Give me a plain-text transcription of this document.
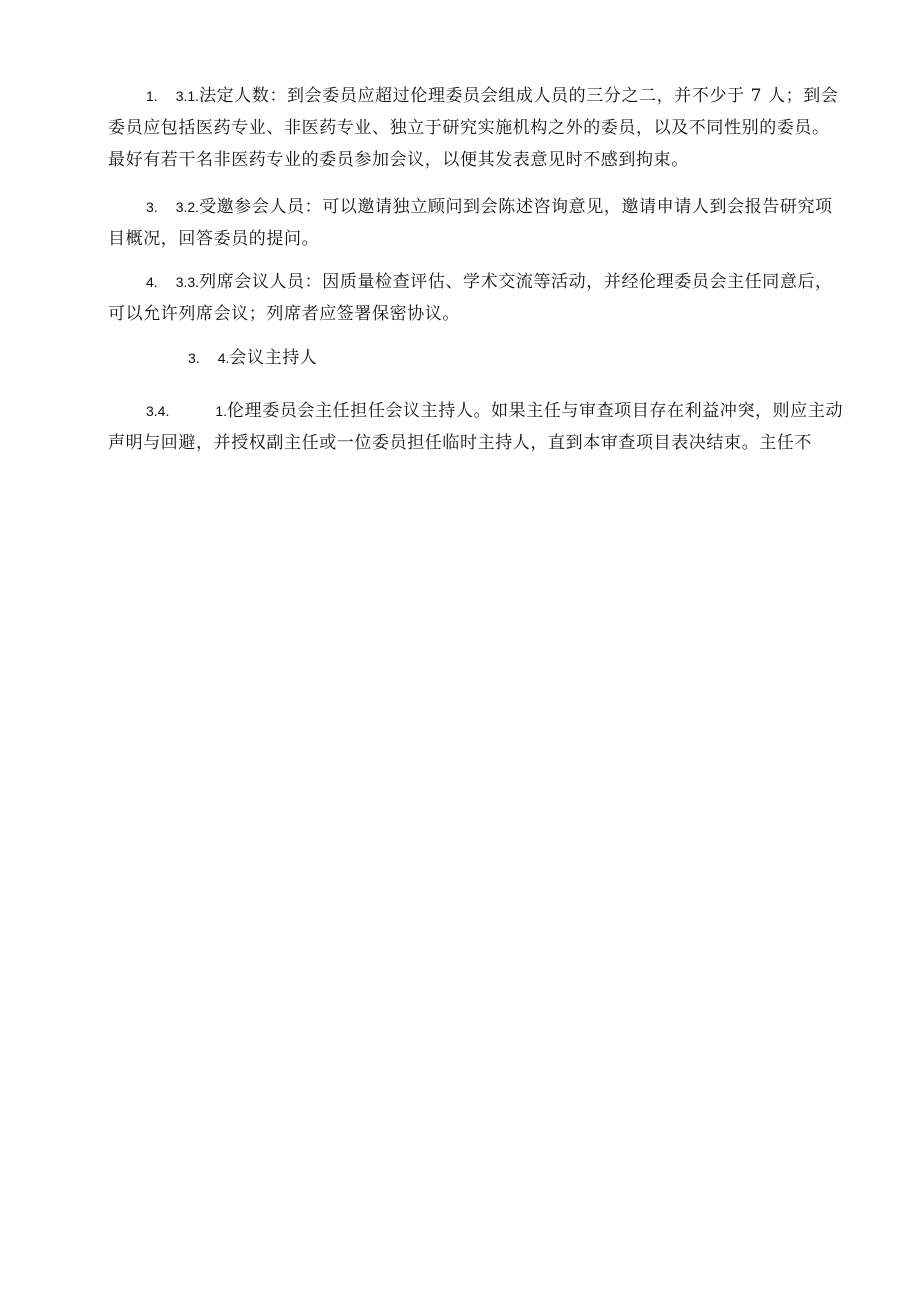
1. 3.1.法定人数：到会委员应超过伦理委员会组成人员的三分之二，并不少于 7 人；到会委员应包括医药专业、非医药专业、独立于研究实施机构之外的委员，以及不同性别的委员。最好有若干名非医药专业的委员参加会议，以便其发表意见时不感到拘束。

3. 3.2.受邀参会人员：可以邀请独立顾问到会陈述咨询意见，邀请申请人到会报告研究项目概况，回答委员的提问。

4. 3.3.列席会议人员：因质量检查评估、学术交流等活动，并经伦理委员会主任同意后，可以允许列席会议；列席者应签署保密协议。

3. 4.会议主持人

3.4.	1.伦理委员会主任担任会议主持人。如果主任与审查项目存在利益冲突，则应主动声明与回避，并授权副主任或一位委员担任临时主持人，直到本审查项目表决结束。主任不
